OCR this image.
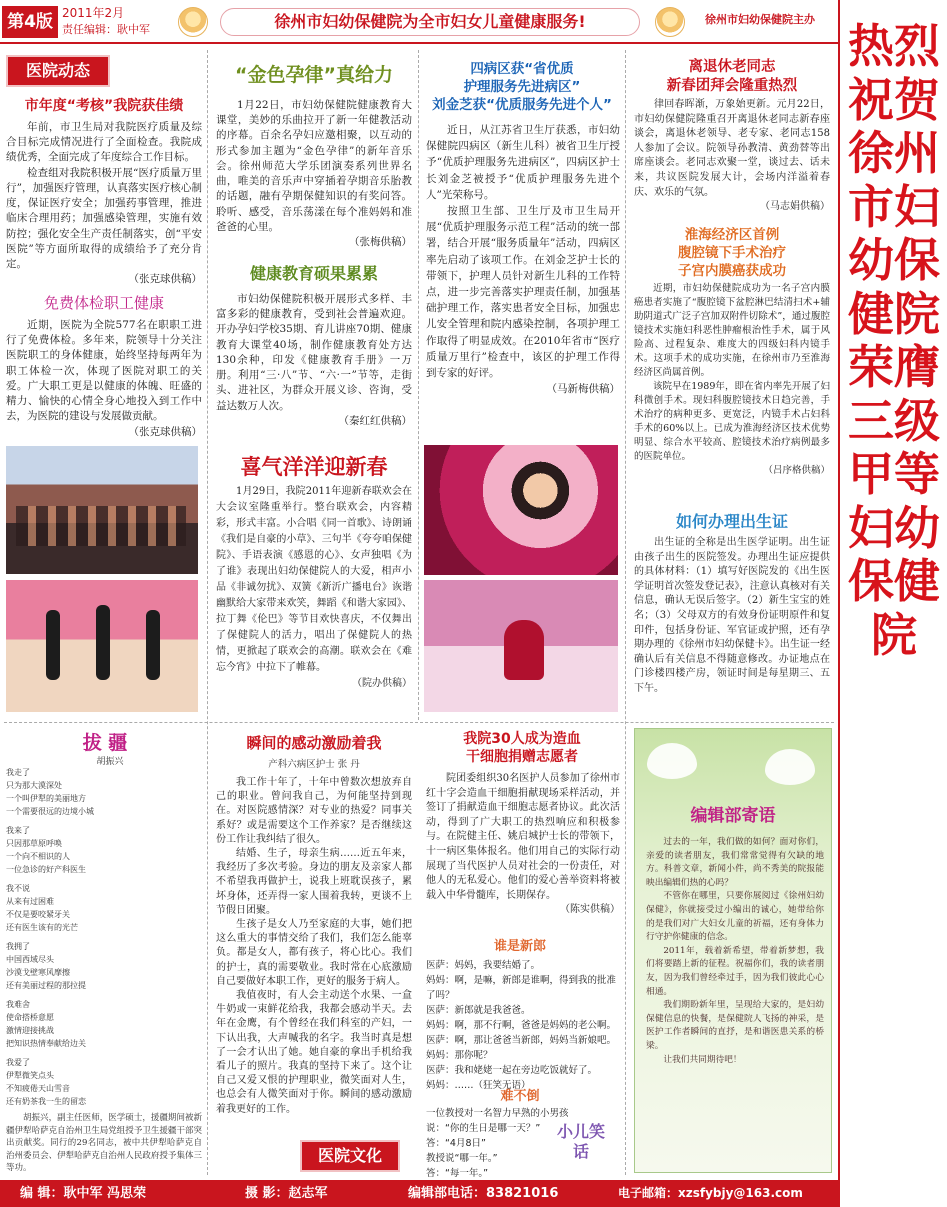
第4版 2011年2月
责任编辑：耿中军	徐州市妇幼保健院为全市妇女儿童健康服务!	徐州市妇幼保健院主办 热烈祝贺徐州市妇幼保健院荣膺三级甲等妇幼保健院
医院动态
市年度“考核”我院获佳绩

年前，市卫生局对我院医疗质量及综合目标完成情况进行了全面检查。我院成绩优秀，全面完成了年度综合工作目标。

检查组对我院积极开展“医疗质量万里行”，加强医疗管理，认真落实医疗核心制度，保证医疗安全；加强药事管理，推进临床合理用药；加强感染管理，实施有效防控；强化安全生产责任制落实，创“平安医院”等方面所取得的成绩给予了充分肯定。

（张克球供稿）

免费体检职工健康

近期，医院为全院577名在职职工进行了免费体检。多年来，院领导十分关注医院职工的身体健康，始终坚持每两年为职工体检一次，体现了医院对职工的关爱。广大职工更是以健康的体魄、旺盛的精力、愉快的心情全身心地投入到工作中去，为医院的建设与发展做贡献。

（张克球供稿）

拔 疆
胡振兴
我走了
只为那大漠深处
一个叫伊犁的美丽地方
一个需要很远的边境小城

我来了
只因那草原呼唤
一个向不相识的人
一位急诊的好产科医生

我不说
从来有过困难
不仅是要咬紧牙关
还有医生该有的光芒

我拥了
中国西域尽头
沙漠戈壁寒风摩擦
还有美丽过程的那拉提

我难舍
使命搭桥意愿
激情迎接挑战
把知识热情奉献给边关

我爱了
伊犁微笑点头
不知疲倦天山雪音
还有奶茶我一生的留恋
胡振兴，副主任医师，医学硕士，援疆期间被新疆伊犁哈萨克自治州卫生局党组授予卫生援疆干部突出贡献奖。同行的29名同志，被中共伊犁哈萨克自治州委员会、伊犁哈萨克自治州人民政府授予集体三等功。
“金色孕律”真给力

1月22日，市妇幼保健院健康教育大课堂，美妙的乐曲拉开了新一年健教活动的序幕。百余名孕妇应邀相聚，以互动的形式参加主题为“金色孕律”的新年音乐会。徐州师范大学乐团演奏系列世界名曲，唯美的音乐声中穿插着孕期音乐胎教的话题，融有孕期保健知识的有奖问答。聆听、感受，音乐荡漾在每个准妈妈和准爸爸的心里。

（张梅供稿）

健康教育硕果累累

市妇幼保健院积极开展形式多样、丰富多彩的健康教育，受到社会普遍欢迎。开办孕妇学校35期、育儿讲座70期、健康教育大课堂40场，制作健康教育处方达130余种，印发《健康教育手册》一万册。利用“三·八”节、“六·一”节等，走街头、进社区，为群众开展义诊、咨询，受益达数万人次。

（秦红红供稿）

喜气洋洋迎新春

1月29日，我院2011年迎新春联欢会在大会议室隆重举行。整台联欢会，内容精彩，形式丰富。小合唱《同一首歌》、诗朗诵《我们是自豪的小草》、三句半《夸夸咱保健院》、手语表演《感恩的心》、女声独唱《为了谁》表现出妇幼保健院人的大爱，相声小品《非诚勿扰》、双簧《新沂广播电台》诙谐幽默给大家带来欢笑，舞蹈《和谐大家园》、拉丁舞《伦巴》等节目欢快喜庆，不仅舞出了保健院人的活力，唱出了保健院人的热情，更掀起了联欢会的高潮。联欢会在《难忘今宵》中拉下了帷幕。

（院办供稿）

瞬间的感动激励着我
产科六病区护士 张 丹

我工作十年了，十年中曾数次想放弃自己的职业。曾问我自己，为何能坚持到现在。对医院感情深？对专业的热爱？同事关系好？或是需要这个工作养家？是否继续这份工作让我纠结了很久。

结婚、生子，母亲生病……近五年来，我经历了多次考验。身边的朋友及亲家人都不希望我再做护士，说我上班耽误孩子，累坏身体，还弄得一家人围着我转，更谈不上节假日团聚。

生孩子是女人乃至家庭的大事，她们把这么重大的事情交给了我们，我们怎么能辜负。都是女人，都有孩子，将心比心。我们的护士，真的需要敬业。我时常在心底激励自己要做好本职工作，更好的服务于病人。

我值夜时，有人会主动送个水果、一盒牛奶或一束鲜花给我，我都会感动半天。去年在金鹰，有个曾经在我们科室的产妇，一下认出我，大声喊我的名字。我当时真是想了一会才认出了她。她自豪的拿出手机给我看儿子的照片。我真的坚持下来了。这个让自己又爱又恨的护理职业，微笑面对人生，也总会有人微笑面对于你。瞬间的感动激励着我更好的工作。

医院文化
四病区获“省优质
护理服务先进病区”
刘金芝获“优质服务先进个人”

近日，从江苏省卫生厅获悉，市妇幼保健院四病区（新生儿科）被省卫生厅授予“优质护理服务先进病区”，四病区护士长刘金芝被授予“优质护理服务先进个人”光荣称号。

按照卫生部、卫生厅及市卫生局开展“优质护理服务示范工程”活动的统一部署，结合开展“服务质量年”活动，四病区率先启动了该项工作。在刘金芝护士长的带领下，护理人员针对新生儿科的工作特点，进一步完善落实护理责任制，加强基础护理工作，落实患者安全目标，加强忠儿安全管理和院内感染控制，各项护理工作取得了明显成效。在2010年省市“医疗质量万里行”检查中，该区的护理工作得到专家的好评。

（马新梅供稿）

我院30人成为造血
干细胞捐赠志愿者

院团委组织30名医护人员参加了徐州市红十字会造血干细胞捐献现场采样活动，并签订了捐献造血干细胞志愿者协议。此次活动，得到了广大职工的热烈响应和积极参与。在院健主任、姚启城护士长的带领下，十一病区集体报名。他们用自己的实际行动展现了当代医护人员对社会的一份责任，对他人的无私爱心。他们的爱心善举资料将被载入中华骨髓库，长期保存。

（陈实供稿）

谁是新郎
医萨：妈妈，我要结婚了。
妈妈：啊，是嘛，新郎是谁啊，得到我的批准了吗？
医萨：新郎就是我爸爸。
妈妈：啊，那不行啊，爸爸是妈妈的老公啊。
医萨：啊，那让爸爸当新郎，妈妈当新娘吧。
妈妈：那你呢？
医萨：我和姥姥一起在旁边吃饭就好了。
妈妈：……（狂笑无语）
难不倒
一位教授对一名智力早熟的小男孩说：“你的生日是哪一天？”
答：“4月8日”
教授说“哪一年。”
答：“每一年。”
小儿笑话
离退休老同志
新春团拜会隆重热烈

律回春晖渐，万象始更新。元月22日，市妇幼保健院隆重召开离退休老同志新春座谈会，离退休老领导、老专家、老同志158人参加了会议。院领导孙教清、黄劲替等出席座谈会。老同志欢聚一堂，谈过去、话未来，共议医院发展大计，会场内洋溢着春庆、欢乐的气氛。

（马志娟供稿）

淮海经济区首例
腹腔镜下手术治疗
子宫内膜癌获成功

近期，市妇幼保健院成功为一名子宫内膜癌患者实施了“腹腔镜下盆腔淋巴结清扫术+辅助阴道式广泛子宫加双附件切除术”，通过腹腔镜技术实施妇科恶性肿瘤根治性手术，属于风险高、过程复杂、难度大的四级妇科内镜手术。这项手术的成功实施，在徐州市乃至淮海经济区尚属首例。

该院早在1989年，即在省内率先开展了妇科微创手术。现妇科腹腔镜技术日趋完善，手术治疗的病种更多、更宽泛，内镜手术占妇科手术的60%以上。已成为淮海经济区技术优势明显、综合水平较高、腔镜技术治疗病例最多的医院单位。

（吕序格供稿）

如何办理出生证

出生证的全称是出生医学证明。出生证由孩子出生的医院签发。办理出生证应提供的具体材料：（1）填写好医院发的《出生医学证明首次签发登记表》，注意认真核对有关信息，确认无误后签字。（2）新生宝宝的姓名；（3）父母双方的有效身份证明原件和复印件，包括身份证、军官证或护照，还有孕期办理的《徐州市妇幼保健卡》。出生证一经确认后有关信息不得随意修改。办证地点在门诊楼四楼产房，领证时间是每星期三、五下午。

编辑部寄语

过去的一年，我们做的如何？面对你们，亲爱的读者朋友，我们常常觉得有欠缺的地方。科普文章，新闻小件，尚不秀美的院报能映出编辑们热的心吗？

不管你在哪里，只要你展阅过《徐州妇幼保健》，你就接受过小编出的诚心，她带给你的是我们对广大妇女儿童的祈福，还有身体力行守护你健康的信念。

2011年，载着新希望，带着新梦想，我们将要踏上新的征程。祝福你们，我的读者朋友，因为我们曾经牵过手，因为我们彼此心心相通。

我们期盼新年里，呈现给大家的，是妇幼保健信息的快餐，是保健院人飞扬的神采，是医护工作者瞬间的直抒，是和谐医患关系的桥梁。

让我们共同期待吧！

编 辑：耿中军 冯思荣	摄 影：赵志军	编辑部电话：83821016	电子邮箱：xzsfybjy@163.com
